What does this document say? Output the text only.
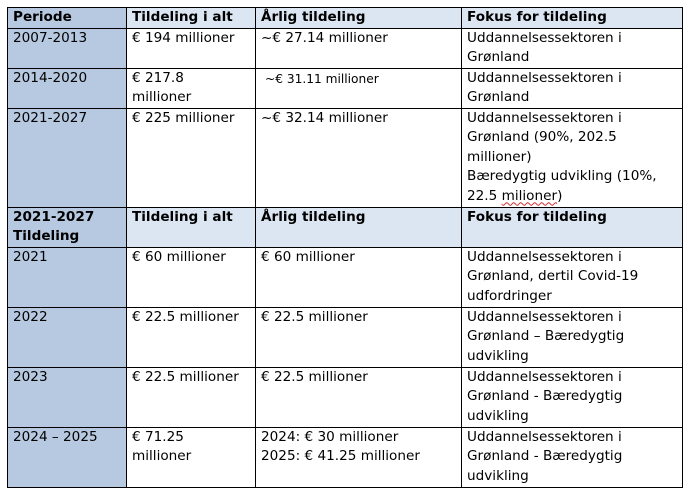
Periode	Tildeling i alt	Årlig tildeling	Fokus for tildeling
2007-2013	€ 194 millioner	~€ 27.14 millioner	Uddannelsessektoren i
Grønland

2014-2020	€ 217.8
millioner	~€ 31.11 millioner	Uddannelsessektoren i
Grønland

2021-2027	€ 225 millioner	~€ 32.14 millioner	Uddannelsessektoren i
Grønland (90%, 202.5
millioner)
Bæredygtig udvikling (10%,
22.5 milioner)

2021-2027
Tildeling	Tildeling i alt	Årlig tildeling	Fokus for tildeling
2021	€ 60 millioner	€ 60 millioner	Uddannelsessektoren i
Grønland, dertil Covid-19
udfordringer

2022	€ 22.5 millioner	€ 22.5 millioner	Uddannelsessektoren i
Grønland – Bæredygtig
udvikling

2023	€ 22.5 millioner	€ 22.5 millioner	Uddannelsessektoren i
Grønland - Bæredygtig
udvikling

2024 – 2025	€ 71.25
millioner	2024: € 30 millioner
2025: € 41.25 millioner	Uddannelsessektoren i
Grønland - Bæredygtig
udvikling
